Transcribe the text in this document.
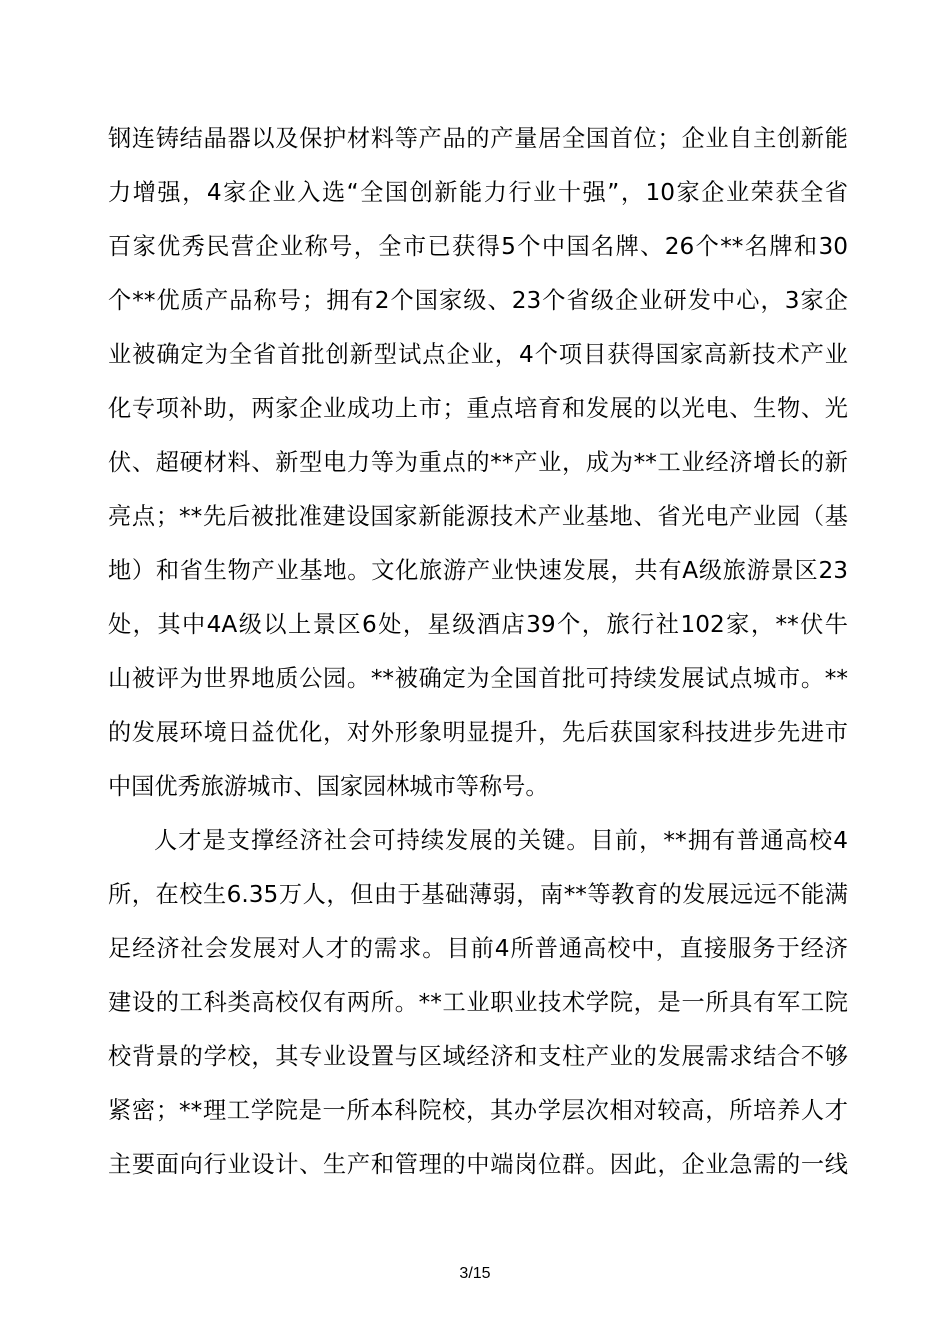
钢连铸结晶器以及保护材料等产品的产量居全国首位；企业自主创新能
力增强，4家企业入选“全国创新能力行业十强”，10家企业荣获全省
百家优秀民营企业称号，全市已获得5个中国名牌、26个**名牌和30
个**优质产品称号；拥有2个国家级、23个省级企业研发中心，3家企
业被确定为全省首批创新型试点企业，4个项目获得国家高新技术产业
化专项补助，两家企业成功上市；重点培育和发展的以光电、生物、光
伏、超硬材料、新型电力等为重点的**产业，成为**工业经济增长的新
亮点；**先后被批准建设国家新能源技术产业基地、省光电产业园（基
地）和省生物产业基地。文化旅游产业快速发展，共有A级旅游景区23
处，其中4A级以上景区6处，星级酒店39个，旅行社102家，**伏牛
山被评为世界地质公园。**被确定为全国首批可持续发展试点城市。**
的发展环境日益优化，对外形象明显提升，先后获国家科技进步先进市
中国优秀旅游城市、国家园林城市等称号。
人才是支撑经济社会可持续发展的关键。目前，**拥有普通高校4
所，在校生6.35万人，但由于基础薄弱，南**等教育的发展远远不能满
足经济社会发展对人才的需求。目前4所普通高校中，直接服务于经济
建设的工科类高校仅有两所。**工业职业技术学院，是一所具有军工院
校背景的学校，其专业设置与区域经济和支柱产业的发展需求结合不够
紧密；**理工学院是一所本科院校，其办学层次相对较高，所培养人才
主要面向行业设计、生产和管理的中端岗位群。因此，企业急需的一线
3/15
